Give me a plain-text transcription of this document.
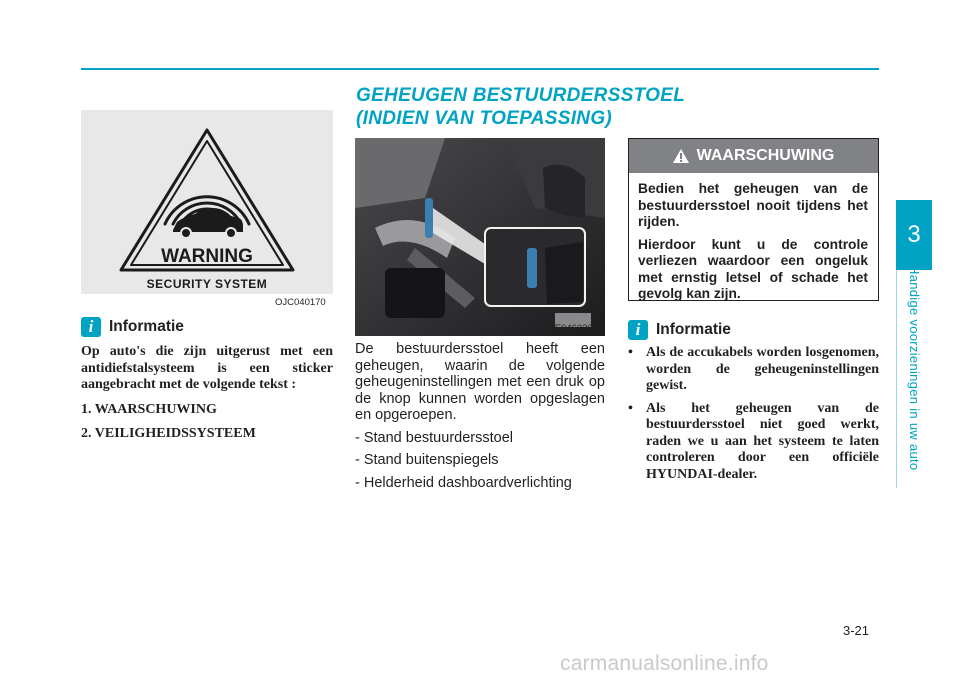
GEHEUGEN BESTUURDERSSTOEL
(INDIEN VAN TOEPASSING)
3
Handige voorzieningen in uw auto
WARNING
SECURITY SYSTEM
OJC040170
i	Informatie

Op auto's die zijn uitgerust met een antidiefstalsysteem is een sticker aangebracht met de volgende tekst :

1. WAARSCHUWING

2. VEILIGHEIDSSYSTEEM

OAE046036L

De bestuurdersstoel heeft een geheugen, waarin de volgende geheugeninstellingen met een druk op de knop kunnen worden opgeslagen en opgeroepen.

- Stand bestuurdersstoel

- Stand buitenspiegels

- Helderheid dashboardverlichting

WAARSCHUWING

Bedien het geheugen van de bestuurdersstoel nooit tijdens het rijden.

Hierdoor kunt u de controle verliezen waardoor een ongeluk met ernstig letsel of schade het gevolg kan zijn.

i	Informatie
• Als de accukabels worden losgenomen, worden de geheugeninstellingen gewist.
• Als het geheugen van de bestuurdersstoel niet goed werkt, raden we u aan het systeem te laten controleren door een officiële HYUNDAI-dealer.
3-21
carmanualsonline.info
